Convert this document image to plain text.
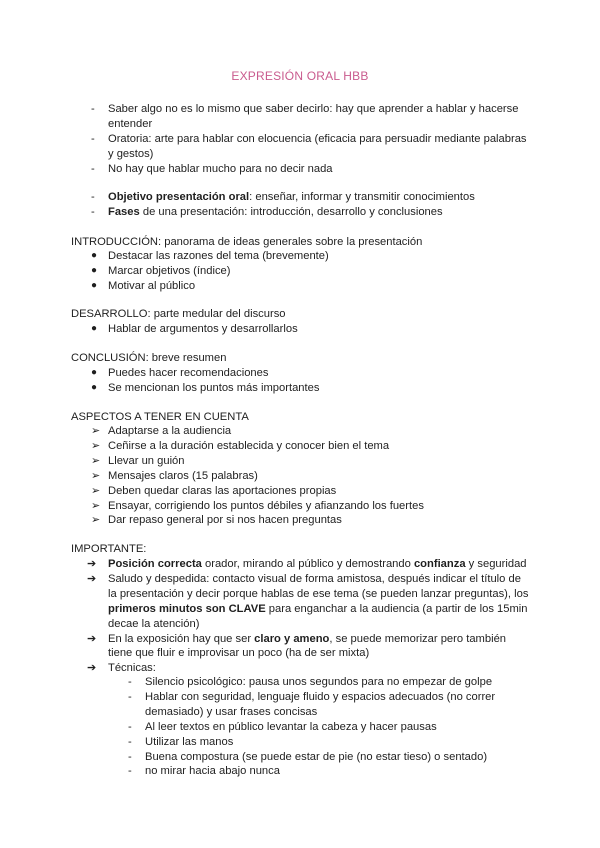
EXPRESIÓN ORAL HBB
- Saber algo no es lo mismo que saber decirlo: hay que aprender a hablar y hacerse entender
- Oratoria: arte para hablar con elocuencia (eficacia para persuadir mediante palabras y gestos)
- No hay que hablar mucho para no decir nada
- Objetivo presentación oral: enseñar, informar y transmitir conocimientos
- Fases de una presentación: introducción, desarrollo y conclusiones
INTRODUCCIÓN: panorama de ideas generales sobre la presentación
● Destacar las razones del tema (brevemente)
● Marcar objetivos (índice)
● Motivar al público
DESARROLLO: parte medular del discurso
● Hablar de argumentos y desarrollarlos
CONCLUSIÓN: breve resumen
● Puedes hacer recomendaciones
● Se mencionan los puntos más importantes
ASPECTOS A TENER EN CUENTA
➢ Adaptarse a la audiencia
➢ Ceñirse a la duración establecida y conocer bien el tema
➢ Llevar un guión
➢ Mensajes claros (15 palabras)
➢ Deben quedar claras las aportaciones propias
➢ Ensayar, corrigiendo los puntos débiles y afianzando los fuertes
➢ Dar repaso general por si nos hacen preguntas
IMPORTANTE:
➔ Posición correcta orador, mirando al público y demostrando confianza y seguridad
➔ Saludo y despedida: contacto visual de forma amistosa, después indicar el título de la presentación y decir porque hablas de ese tema (se pueden lanzar preguntas), los primeros minutos son CLAVE para enganchar a la audiencia (a partir de los 15min decae la atención)
➔ En la exposición hay que ser claro y ameno, se puede memorizar pero también tiene que fluir e improvisar un poco (ha de ser mixta)
➔ Técnicas:
- Silencio psicológico: pausa unos segundos para no empezar de golpe
- Hablar con seguridad, lenguaje fluido y espacios adecuados (no correr demasiado) y usar frases concisas
- Al leer textos en público levantar la cabeza y hacer pausas
- Utilizar las manos
- Buena compostura (se puede estar de pie (no estar tieso) o sentado)
- no mirar hacia abajo nunca
